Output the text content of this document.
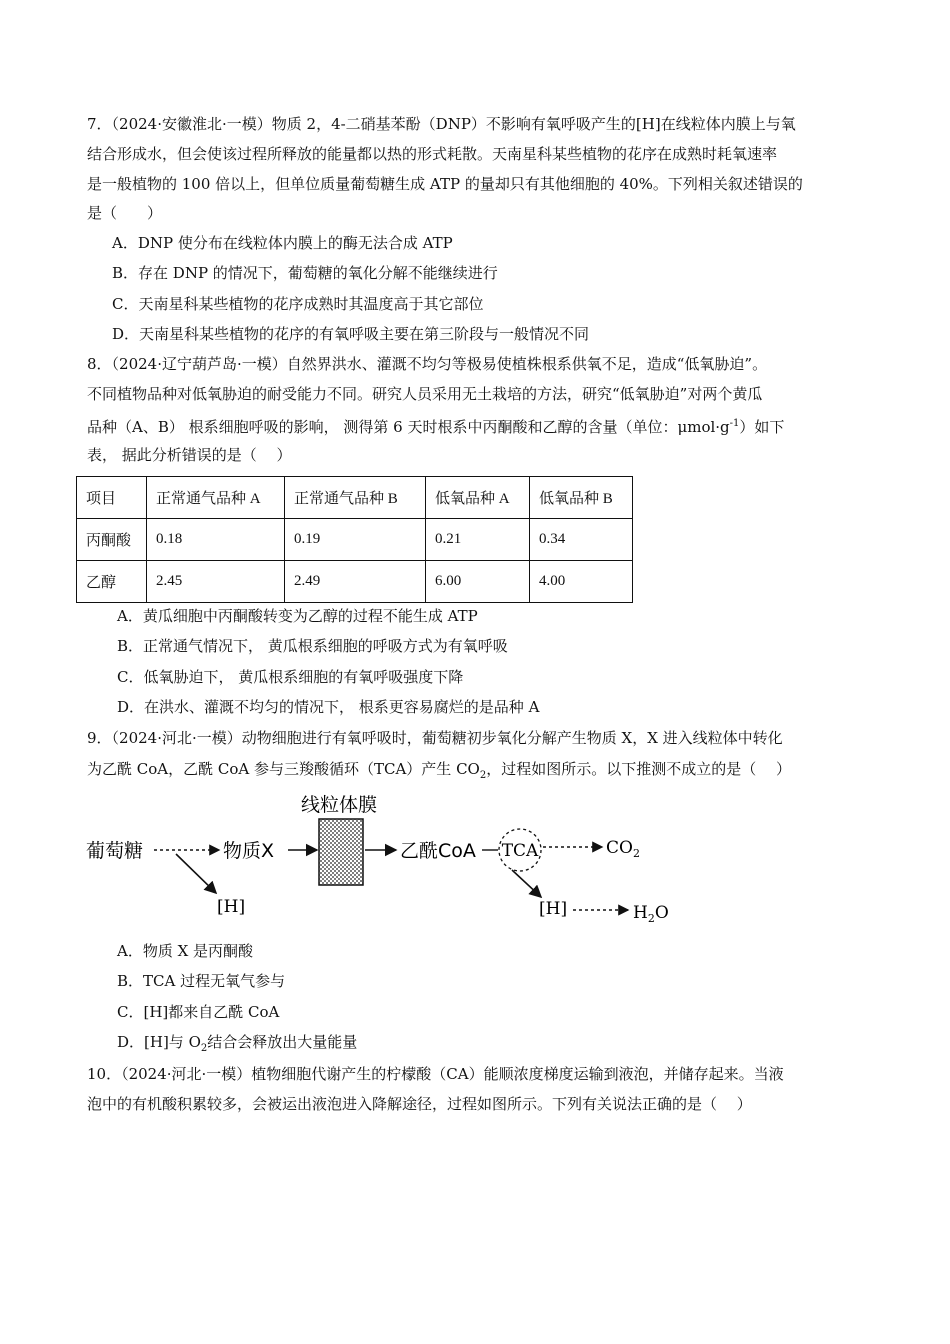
7．（2024·安徽淮北·一模）物质 2，4-二硝基苯酚（DNP）不影响有氧呼吸产生的[H]在线粒体内膜上与氧
结合形成水，但会使该过程所释放的能量都以热的形式耗散。天南星科某些植物的花序在成熟时耗氧速率
是一般植物的 100 倍以上，但单位质量葡萄糖生成 ATP 的量却只有其他细胞的 40%。下列相关叙述错误的
是（　　）
A．DNP 使分布在线粒体内膜上的酶无法合成 ATP
B．存在 DNP 的情况下，葡萄糖的氧化分解不能继续进行
C．天南星科某些植物的花序成熟时其温度高于其它部位
D．天南星科某些植物的花序的有氧呼吸主要在第三阶段与一般情况不同
8．（2024·辽宁葫芦岛·一模）自然界洪水、灌溉不均匀等极易使植株根系供氧不足，造成“低氧胁迫”。
不同植物品种对低氧胁迫的耐受能力不同。研究人员采用无土栽培的方法，研究“低氧胁迫”对两个黄瓜
品种（A、B） 根系细胞呼吸的影响， 测得第 6 天时根系中丙酮酸和乙醇的含量（单位：$\mu mol\cdot g^{-1}$）如下
表， 据此分析错误的是（　 ）
项目	正常通气品种 A	正常通气品种 B	低氧品种 A	低氧品种 B
丙酮酸	0.18	0.19	0.21	0.34
乙醇	2.45	2.49	6.00	4.00
A．黄瓜细胞中丙酮酸转变为乙醇的过程不能生成 ATP
B．正常通气情况下， 黄瓜根系细胞的呼吸方式为有氧呼吸
C．低氧胁迫下， 黄瓜根系细胞的有氧呼吸强度下降
D．在洪水、灌溉不均匀的情况下， 根系更容易腐烂的是品种 A
9．（2024·河北·一模）动物细胞进行有氧呼吸时，葡萄糖初步氧化分解产生物质 X，X 进入线粒体中转化
为乙酰 CoA，乙酰 CoA 参与三羧酸循环（TCA）产生 $CO_2$，过程如图所示。以下推测不成立的是（　 ）
线粒体膜
葡萄糖
[H]
物质X	乙酰CoA TCA	$CO_2$
[H]	$H_2O$
A．物质 X 是丙酮酸
B．TCA 过程无氧气参与
C．[H]都来自乙酰 CoA
D．[H]与 $O_2$结合会释放出大量能量
10．（2024·河北·一模）植物细胞代谢产生的柠檬酸（CA）能顺浓度梯度运输到液泡，并储存起来。当液
泡中的有机酸积累较多，会被运出液泡进入降解途径，过程如图所示。下列有关说法正确的是（　 ）
